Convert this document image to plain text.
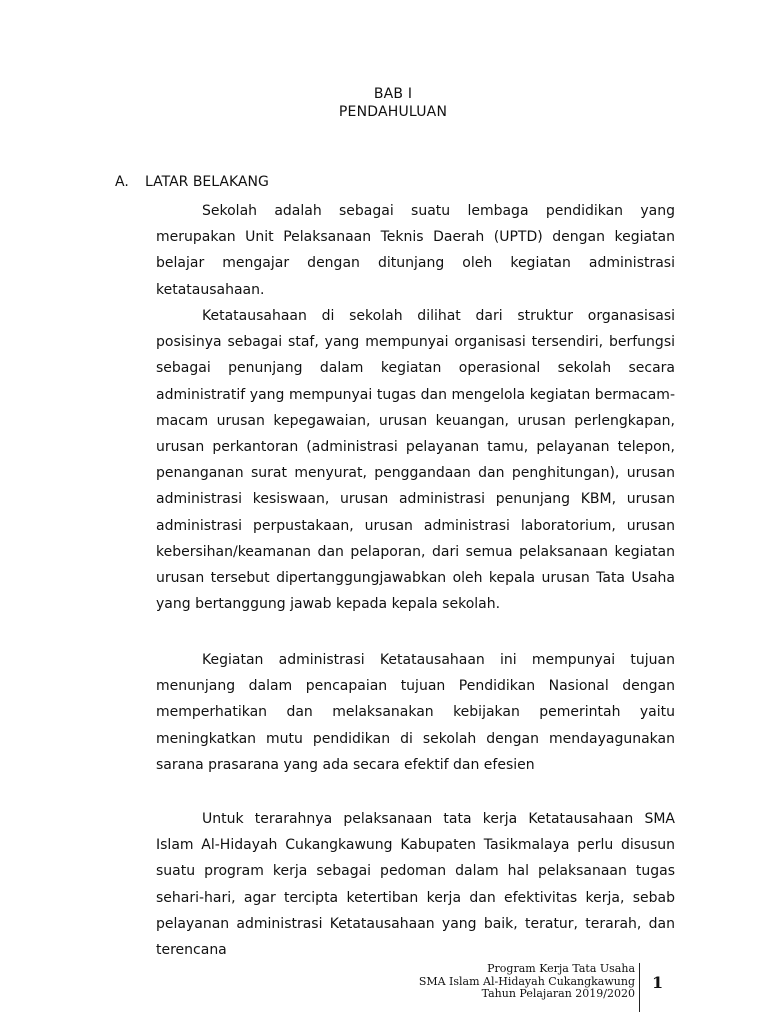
BAB I
PENDAHULUAN
A. LATAR BELAKANG

Sekolah adalah sebagai suatu lembaga pendidikan yang merupakan Unit Pelaksanaan Teknis Daerah (UPTD) dengan kegiatan belajar mengajar dengan ditunjang oleh kegiatan administrasi ketatausahaan.

Ketatausahaan di sekolah dilihat dari struktur organasisasi posisinya sebagai staf, yang mempunyai organisasi tersendiri, berfungsi sebagai penunjang dalam kegiatan operasional sekolah secara administratif yang mempunyai tugas dan mengelola kegiatan bermacam-macam urusan kepegawaian, urusan keuangan, urusan perlengkapan, urusan perkantoran (administrasi pelayanan tamu, pelayanan telepon, penanganan surat menyurat, penggandaan dan penghitungan), urusan administrasi kesiswaan, urusan administrasi penunjang KBM, urusan administrasi perpustakaan, urusan administrasi laboratorium, urusan kebersihan/keamanan dan pelaporan, dari semua pelaksanaan kegiatan urusan tersebut dipertanggungjawabkan oleh kepala urusan Tata Usaha yang bertanggung jawab kepada kepala sekolah.

Kegiatan administrasi Ketatausahaan ini mempunyai tujuan menunjang dalam pencapaian tujuan Pendidikan Nasional dengan memperhatikan dan melaksanakan kebijakan pemerintah yaitu meningkatkan mutu pendidikan di sekolah dengan mendayagunakan sarana prasarana yang ada secara efektif dan efesien

Untuk terarahnya pelaksanaan tata kerja Ketatausahaan SMA Islam Al-Hidayah Cukangkawung Kabupaten Tasikmalaya perlu disusun suatu program kerja sebagai pedoman dalam hal pelaksanaan tugas sehari-hari, agar tercipta ketertiban kerja dan efektivitas kerja, sebab pelayanan administrasi Ketatausahaan yang baik, teratur, terarah, dan terencana

Program Kerja Tata Usaha
SMA Islam Al-Hidayah Cukangkawung
Tahun Pelajaran 2019/2020
1
